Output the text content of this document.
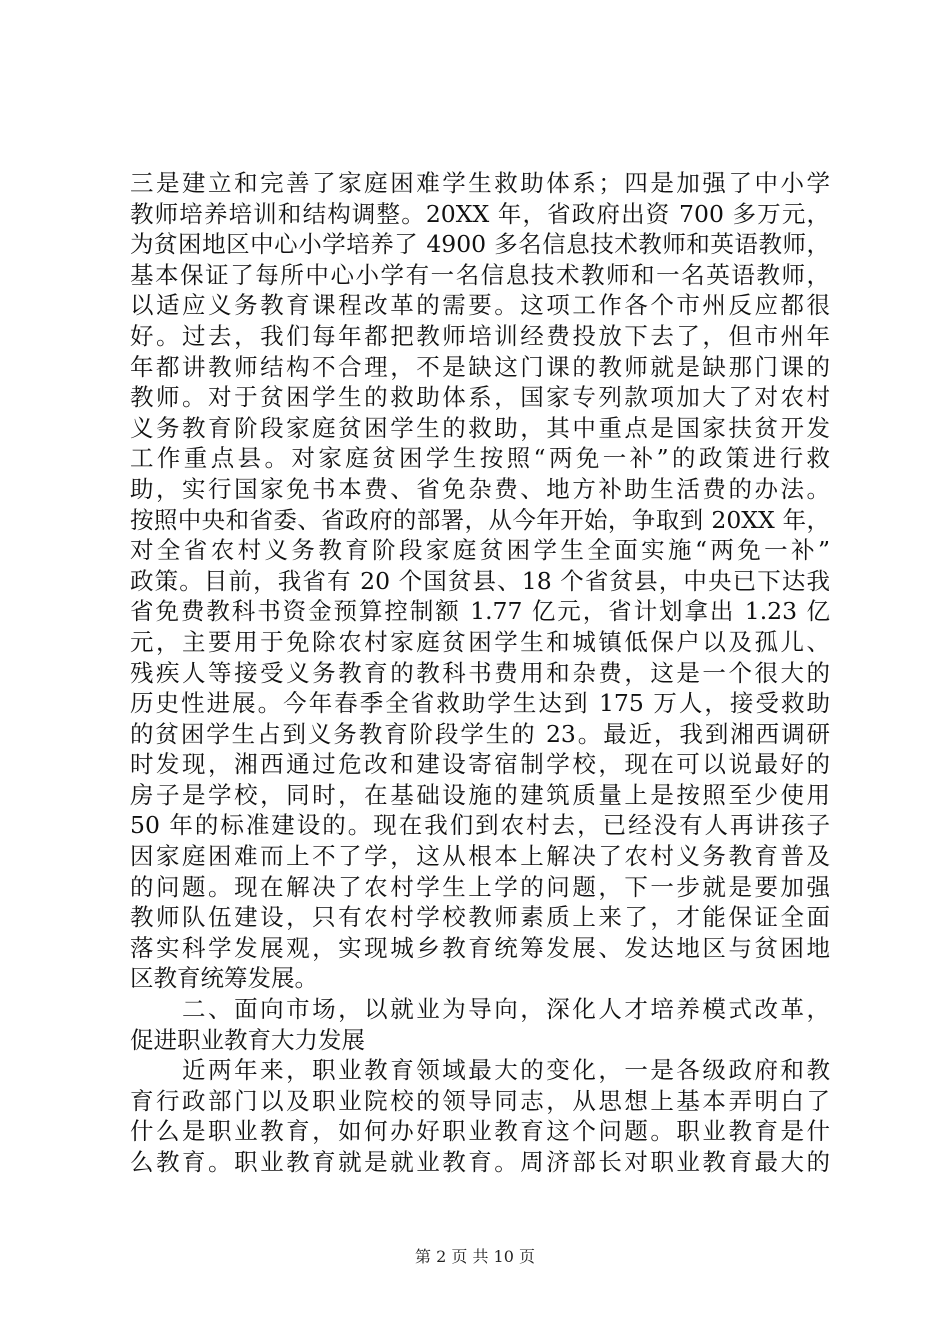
三是建立和完善了家庭困难学生救助体系；四是加强了中小学
教师培养培训和结构调整。20XX 年，省政府出资 700 多万元，
为贫困地区中心小学培养了 4900 多名信息技术教师和英语教师，
基本保证了每所中心小学有一名信息技术教师和一名英语教师，
以适应义务教育课程改革的需要。这项工作各个市州反应都很
好。过去，我们每年都把教师培训经费投放下去了，但市州年
年都讲教师结构不合理，不是缺这门课的教师就是缺那门课的
教师。对于贫困学生的救助体系，国家专列款项加大了对农村
义务教育阶段家庭贫困学生的救助，其中重点是国家扶贫开发
工作重点县。对家庭贫困学生按照“两免一补”的政策进行救
助，实行国家免书本费、省免杂费、地方补助生活费的办法。
按照中央和省委、省政府的部署，从今年开始，争取到 20XX 年，
对全省农村义务教育阶段家庭贫困学生全面实施“两免一补”
政策。目前，我省有 20 个国贫县、18 个省贫县，中央已下达我
省免费教科书资金预算控制额 1.77 亿元，省计划拿出 1.23 亿
元，主要用于免除农村家庭贫困学生和城镇低保户以及孤儿、
残疾人等接受义务教育的教科书费用和杂费，这是一个很大的
历史性进展。今年春季全省救助学生达到 175 万人，接受救助
的贫困学生占到义务教育阶段学生的 23。最近，我到湘西调研
时发现，湘西通过危改和建设寄宿制学校，现在可以说最好的
房子是学校，同时，在基础设施的建筑质量上是按照至少使用
50 年的标准建设的。现在我们到农村去，已经没有人再讲孩子
因家庭困难而上不了学，这从根本上解决了农村义务教育普及
的问题。现在解决了农村学生上学的问题，下一步就是要加强
教师队伍建设，只有农村学校教师素质上来了，才能保证全面
落实科学发展观，实现城乡教育统筹发展、发达地区与贫困地
区教育统筹发展。
　　二、面向市场，以就业为导向，深化人才培养模式改革，
促进职业教育大力发展
　　近两年来，职业教育领域最大的变化，一是各级政府和教
育行政部门以及职业院校的领导同志，从思想上基本弄明白了
什么是职业教育，如何办好职业教育这个问题。职业教育是什
么教育。职业教育就是就业教育。周济部长对职业教育最大的
第 2 页 共 10 页
